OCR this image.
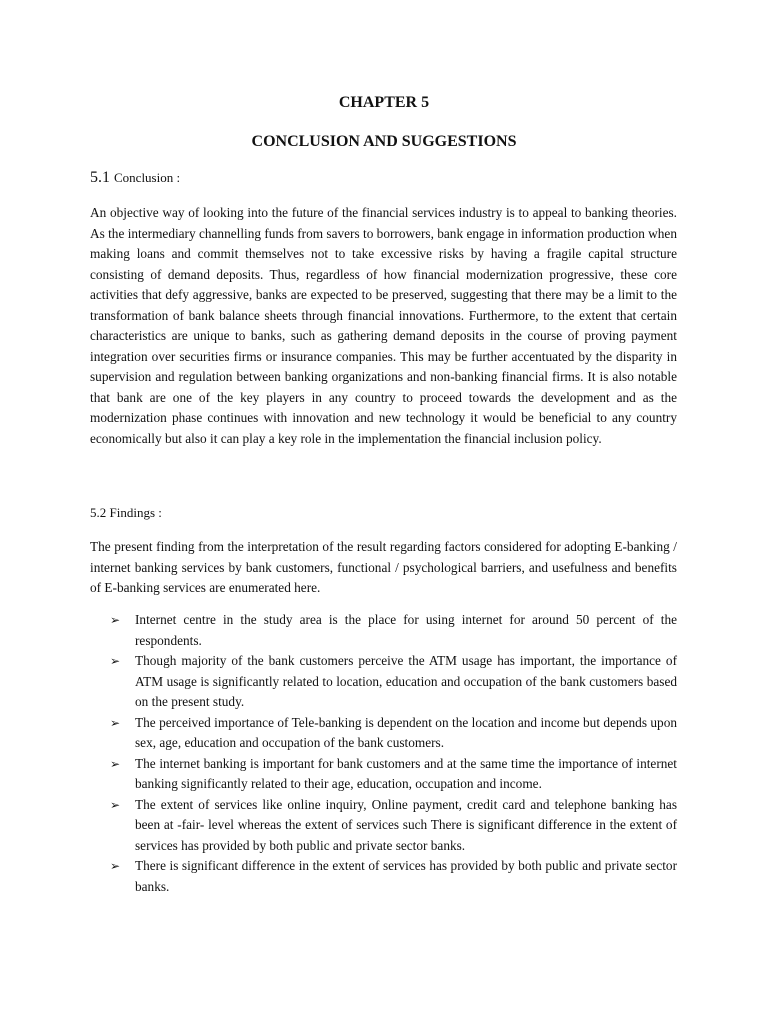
CHAPTER 5
CONCLUSION AND SUGGESTIONS
5.1 Conclusion :

An objective way of looking into the future of the financial services industry is to appeal to banking theories. As the intermediary channelling funds from savers to borrowers, bank engage in information production when making loans and commit themselves not to take excessive risks by having a fragile capital structure consisting of demand deposits. Thus, regardless of how financial modernization progressive, these core activities that defy aggressive, banks are expected to be preserved, suggesting that there may be a limit to the transformation of bank balance sheets through financial innovations. Furthermore, to the extent that certain characteristics are unique to banks, such as gathering demand deposits in the course of proving payment integration over securities firms or insurance companies. This may be further accentuated by the disparity in supervision and regulation between banking organizations and non-banking financial firms. It is also notable that bank are one of the key players in any country to proceed towards the development and as the modernization phase continues with innovation and new technology it would be beneficial to any country economically but also it can play a key role in the implementation the financial inclusion policy.

5.2 Findings :

The present finding from the interpretation of the result regarding factors considered for adopting E-banking / internet banking services by bank customers, functional / psychological barriers, and usefulness and benefits of E-banking services are enumerated here.

➢ Internet centre in the study area is the place for using internet for around 50 percent of the respondents.
➢ Though majority of the bank customers perceive the ATM usage has important, the importance of ATM usage is significantly related to location, education and occupation of the bank customers based on the present study.
➢ The perceived importance of Tele-banking is dependent on the location and income but depends upon sex, age, education and occupation of the bank customers.
➢ The internet banking is important for bank customers and at the same time the importance of internet banking significantly related to their age, education, occupation and income.
➢ The extent of services like online inquiry, Online payment, credit card and telephone banking has been at -fair- level whereas the extent of services such There is significant difference in the extent of services has provided by both public and private sector banks.
➢ There is significant difference in the extent of services has provided by both public and private sector banks.
